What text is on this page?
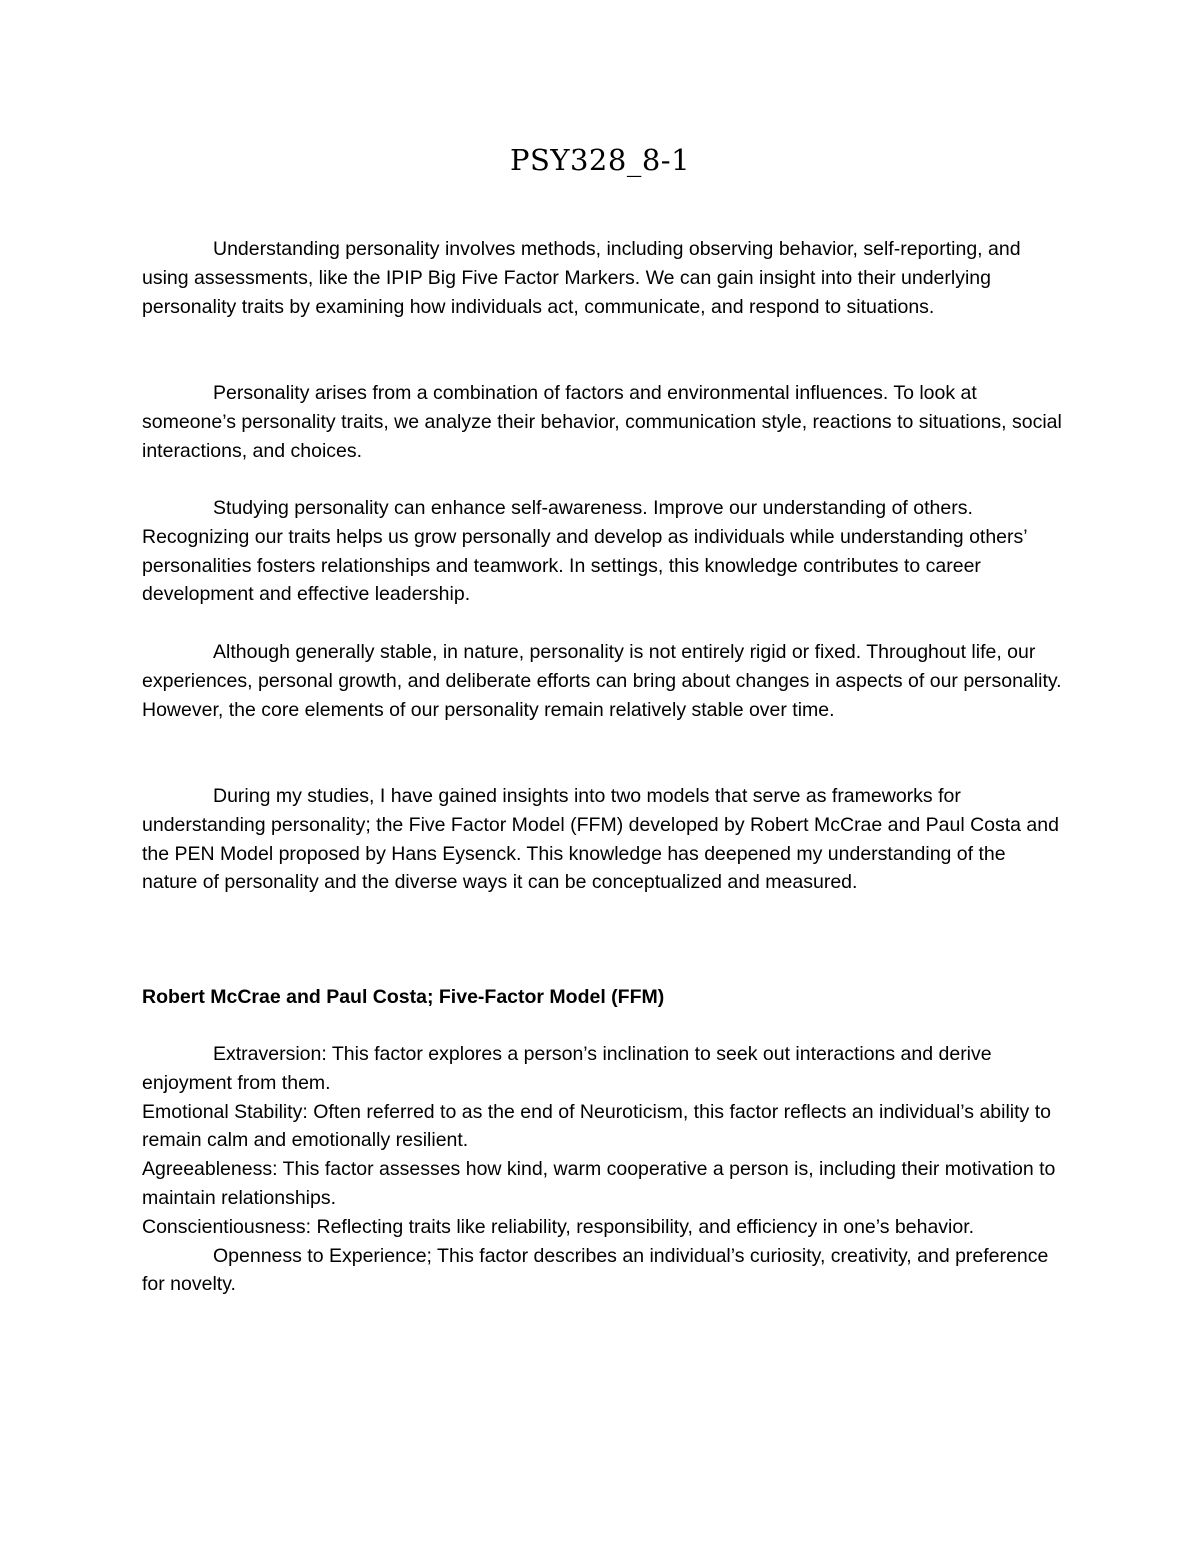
PSY328_8-1

Understanding personality involves methods, including observing behavior, self-reporting, and using assessments, like the IPIP Big Five Factor Markers. We can gain insight into their underlying personality traits by examining how individuals act, communicate, and respond to situations.

Personality arises from a combination of factors and environmental influences. To look at someone’s personality traits, we analyze their behavior, communication style, reactions to situations, social interactions, and choices.

Studying personality can enhance self-awareness. Improve our understanding of others. Recognizing our traits helps us grow personally and develop as individuals while understanding others’ personalities fosters relationships and teamwork. In settings, this knowledge contributes to career development and effective leadership.

Although generally stable, in nature, personality is not entirely rigid or fixed. Throughout life, our experiences, personal growth, and deliberate efforts can bring about changes in aspects of our personality. However, the core elements of our personality remain relatively stable over time.

During my studies, I have gained insights into two models that serve as frameworks for understanding personality; the Five Factor Model (FFM) developed by Robert McCrae and Paul Costa and the PEN Model proposed by Hans Eysenck. This knowledge has deepened my understanding of the nature of personality and the diverse ways it can be conceptualized and measured.

Robert McCrae and Paul Costa; Five-Factor Model (FFM)

Extraversion: This factor explores a person’s inclination to seek out interactions and derive enjoyment from them.

Emotional Stability: Often referred to as the end of Neuroticism, this factor reflects an individual’s ability to remain calm and emotionally resilient.

Agreeableness: This factor assesses how kind, warm cooperative a person is, including their motivation to maintain relationships.

Conscientiousness: Reflecting traits like reliability, responsibility, and efficiency in one’s behavior.

Openness to Experience; This factor describes an individual’s curiosity, creativity, and preference for novelty.
